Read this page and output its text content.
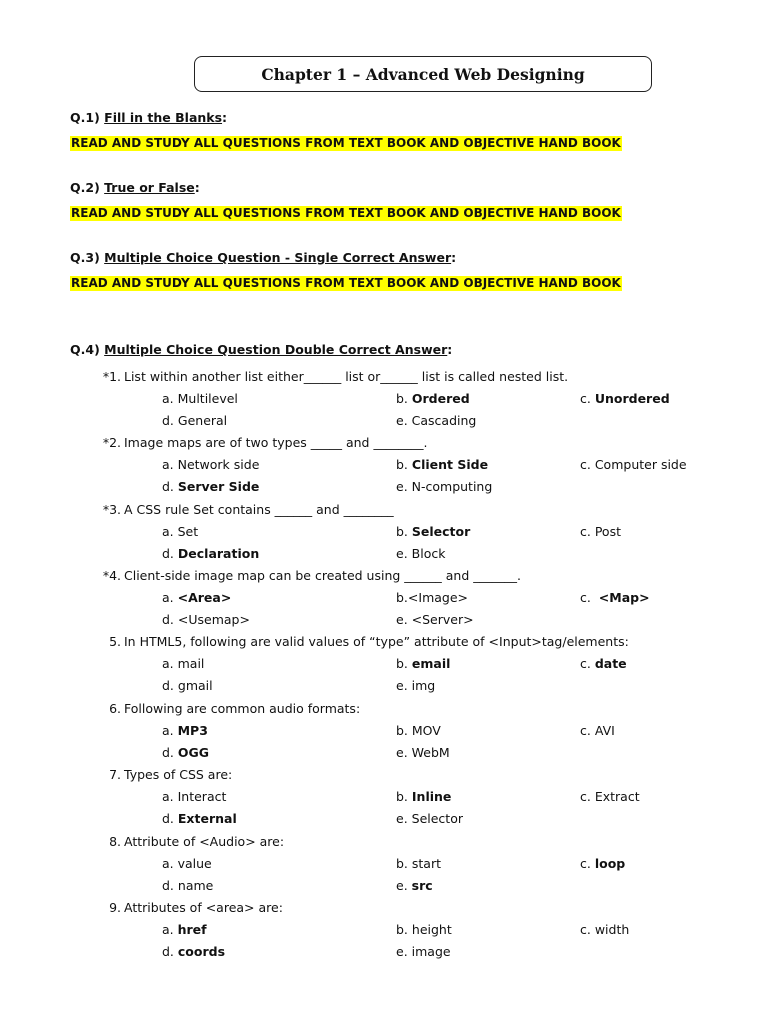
Chapter 1 – Advanced Web Designing
Q.1) Fill in the Blanks:
READ AND STUDY ALL QUESTIONS FROM TEXT BOOK AND OBJECTIVE HAND BOOK
Q.2) True or False:
READ AND STUDY ALL QUESTIONS FROM TEXT BOOK AND OBJECTIVE HAND BOOK
Q.3) Multiple Choice Question - Single Correct Answer:
READ AND STUDY ALL QUESTIONS FROM TEXT BOOK AND OBJECTIVE HAND BOOK
Q.4) Multiple Choice Question Double Correct Answer:
*1. List within another list either______ list or______ list is called nested list.
a. Multilevel	b. Ordered	c. Unordered
d. General	e. Cascading
*2. Image maps are of two types _____ and ________.
a. Network side	b. Client Side	c. Computer side
d. Server Side	e. N-computing
*3. A CSS rule Set contains ______ and ________
a. Set	b. Selector	c. Post
d. Declaration	e. Block
*4. Client-side image map can be created using ______ and _______.
a. <Area>	b.<Image>	c.  <Map>
d. <Usemap>	e. <Server>
5. In HTML5, following are valid values of “type” attribute of <Input>tag/elements:
a. mail	b. email	c. date
d. gmail	e. img
6. Following are common audio formats:
a. MP3	b. MOV	c. AVI
d. OGG	e. WebM
7. Types of CSS are:
a. Interact	b. Inline	c. Extract
d. External	e. Selector
8. Attribute of <Audio> are:
a. value	b. start	c. loop
d. name	e. src
9. Attributes of <area> are:
a. href	b. height	c. width
d. coords	e. image
